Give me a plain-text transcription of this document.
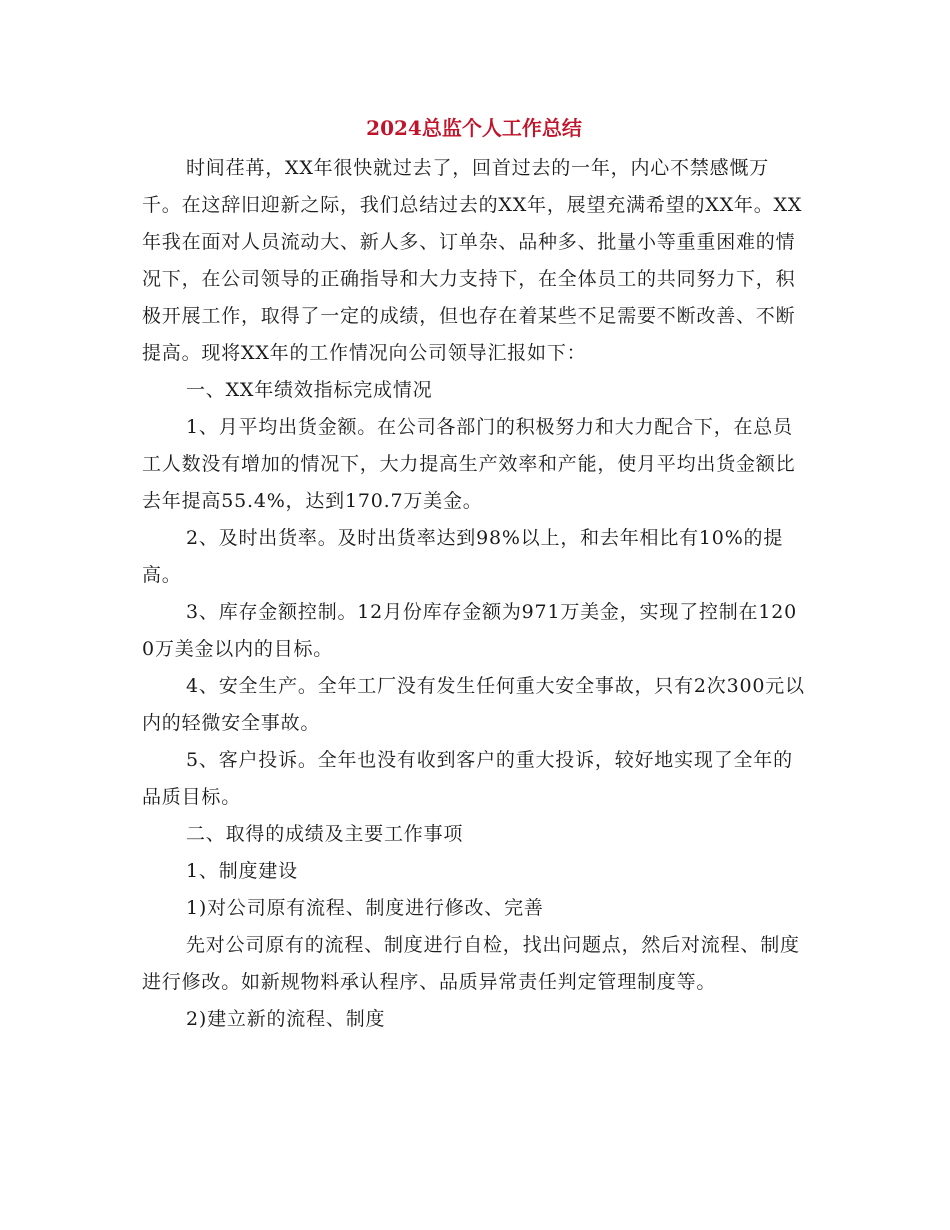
2024总监个人工作总结

时间荏苒，XX年很快就过去了，回首过去的一年，内心不禁感慨万千。在这辞旧迎新之际，我们总结过去的XX年，展望充满希望的XX年。XX年我在面对人员流动大、新人多、订单杂、品种多、批量小等重重困难的情况下，在公司领导的正确指导和大力支持下，在全体员工的共同努力下，积极开展工作，取得了一定的成绩，但也存在着某些不足需要不断改善、不断提高。现将XX年的工作情况向公司领导汇报如下：

一、XX年绩效指标完成情况

1、月平均出货金额。在公司各部门的积极努力和大力配合下，在总员工人数没有增加的情况下，大力提高生产效率和产能，使月平均出货金额比去年提高55.4%，达到170.7万美金。

2、及时出货率。及时出货率达到98%以上，和去年相比有10%的提高。

3、库存金额控制。12月份库存金额为971万美金，实现了控制在1200万美金以内的目标。

4、安全生产。全年工厂没有发生任何重大安全事故，只有2次300元以内的轻微安全事故。

5、客户投诉。全年也没有收到客户的重大投诉，较好地实现了全年的品质目标。

二、取得的成绩及主要工作事项

1、制度建设

1)对公司原有流程、制度进行修改、完善

先对公司原有的流程、制度进行自检，找出问题点，然后对流程、制度进行修改。如新规物料承认程序、品质异常责任判定管理制度等。

2)建立新的流程、制度
